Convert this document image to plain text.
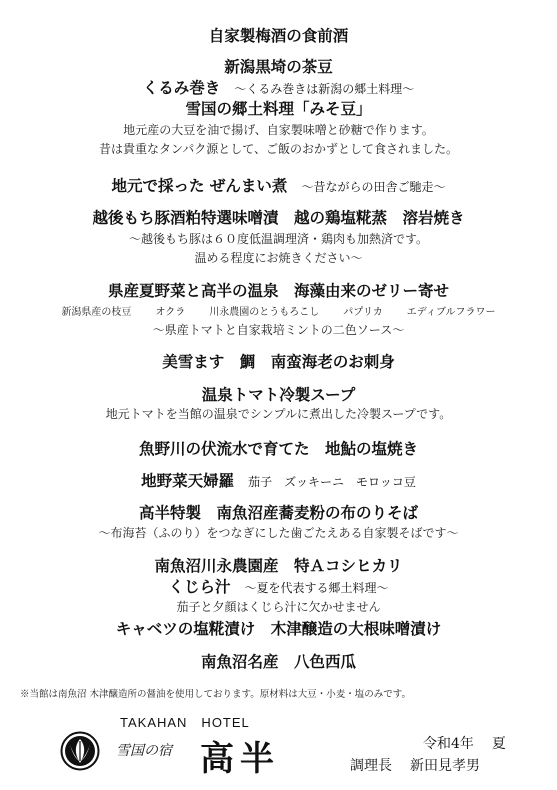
自家製梅酒の食前酒
新潟黒埼の茶豆
くるみ巻き ～くるみ巻きは新潟の郷土料理～
雪国の郷土料理「みそ豆」
地元産の大豆を油で揚げ、自家製味噌と砂糖で作ります。
昔は貴重なタンパク源として、ご飯のおかずとして食されました。
地元で採った ぜんまい煮 ～昔ながらの田舎ご馳走～
越後もち豚酒粕特選味噌漬　越の鶏塩糀蒸　溶岩焼き
～越後もち豚は６０度低温調理済・鶏肉も加熱済です。
温める程度にお焼きください～
県産夏野菜と高半の温泉　海藻由来のゼリー寄せ
新潟県産の枝豆 オクラ 川永農園のとうもろこし パプリカ エディブルフラワー
～県産トマトと自家栽培ミントの二色ソース～
美雪ます　鯛　南蛮海老のお刺身
温泉トマト冷製スープ
地元トマトを当館の温泉でシンプルに煮出した冷製スープです。
魚野川の伏流水で育てた　地鮎の塩焼き
地野菜天婦羅 茄子　ズッキーニ　モロッコ豆
高半特製　南魚沼産蕎麦粉の布のりそば
～布海苔（ふのり）をつなぎにした歯ごたえある自家製そばです～
南魚沼川永農園産　特Ａコシヒカリ
くじら汁 ～夏を代表する郷土料理～
茄子と夕顔はくじら汁に欠かせません
キャベツの塩糀漬け　木津醸造の大根味噌漬け
南魚沼名産　八色西瓜
※当館は南魚沼 木津醸造所の醤油を使用しております。原材料は大豆・小麦・塩のみです。
TAKAHAN　HOTEL
雪国の宿 高半	令和4年 夏
調理長 新田見孝男
